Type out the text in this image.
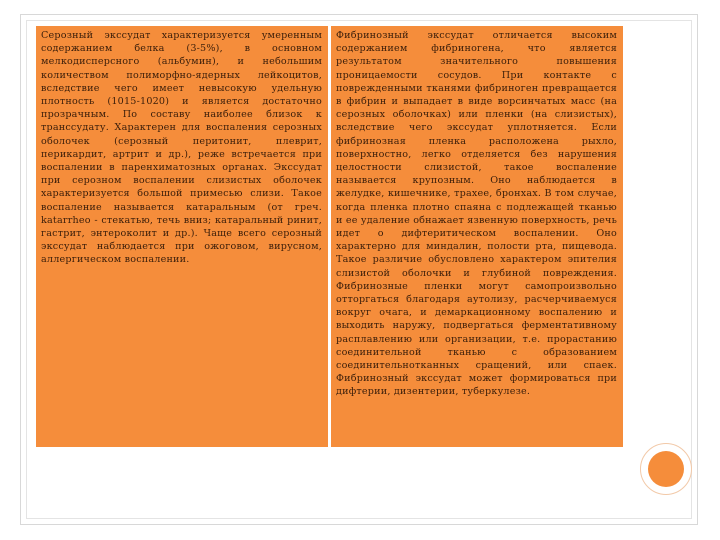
Серозный экссудат характеризуется умеренным содержанием белка (3-5%), в основном мелкодисперсного (альбумин), и небольшим количеством полиморфно-ядерных лейкоцитов, вследствие чего имеет невысокую удельную плотность (1015-1020) и является достаточно прозрачным. По составу наиболее близок к транссудату. Характерен для воспаления серозных оболочек (серозный перитонит, плеврит, перикардит, артрит и др.), реже встречается при воспалении в паренхиматозных органах. Экссудат при серозном воспалении слизистых оболочек характеризуется большой примесью слизи. Такое воспаление называется катаральным (от греч. katarrheo - стекатью, течь вниз; катаральный ринит, гастрит, энтероколит и др.). Чаще всего серозный экссудат наблюдается при ожоговом, вирусном, аллергическом воспалении.

Фибринозный экссудат отличается высоким содержанием фибриногена, что является результатом значительного повышения проницаемости сосудов. При контакте с поврежденными тканями фибриноген превращается в фибрин и выпадает в виде ворсинчатых масс (на серозных оболочках) или пленки (на слизистых), вследствие чего экссудат уплотняется. Если фибринозная пленка расположена рыхло, поверхностно, легко отделяется без нарушения целостности слизистой, такое воспаление называется крупозным. Оно наблюдается в желудке, кишечнике, трахее, бронхах. В том случае, когда пленка плотно спаяна с подлежащей тканью и ее удаление обнажает язвенную поверхность, речь идет о дифтеритическом воспалении. Оно характерно для миндалин, полости рта, пищевода. Такое различие обусловлено характером эпителия слизистой оболочки и глубиной повреждения. Фибринозные пленки могут самопроизвольно отторгаться благодаря аутолизу, расчерчиваемуся вокруг очага, и демаркационному воспалению и выходить наружу, подвергаться ферментативному расплавлению или организации, т.е. прорастанию соединительной тканью с образованием соединительнотканных сращений, или спаек. Фибринозный экссудат может формироваться при дифтерии, дизентерии, туберкулезе.
